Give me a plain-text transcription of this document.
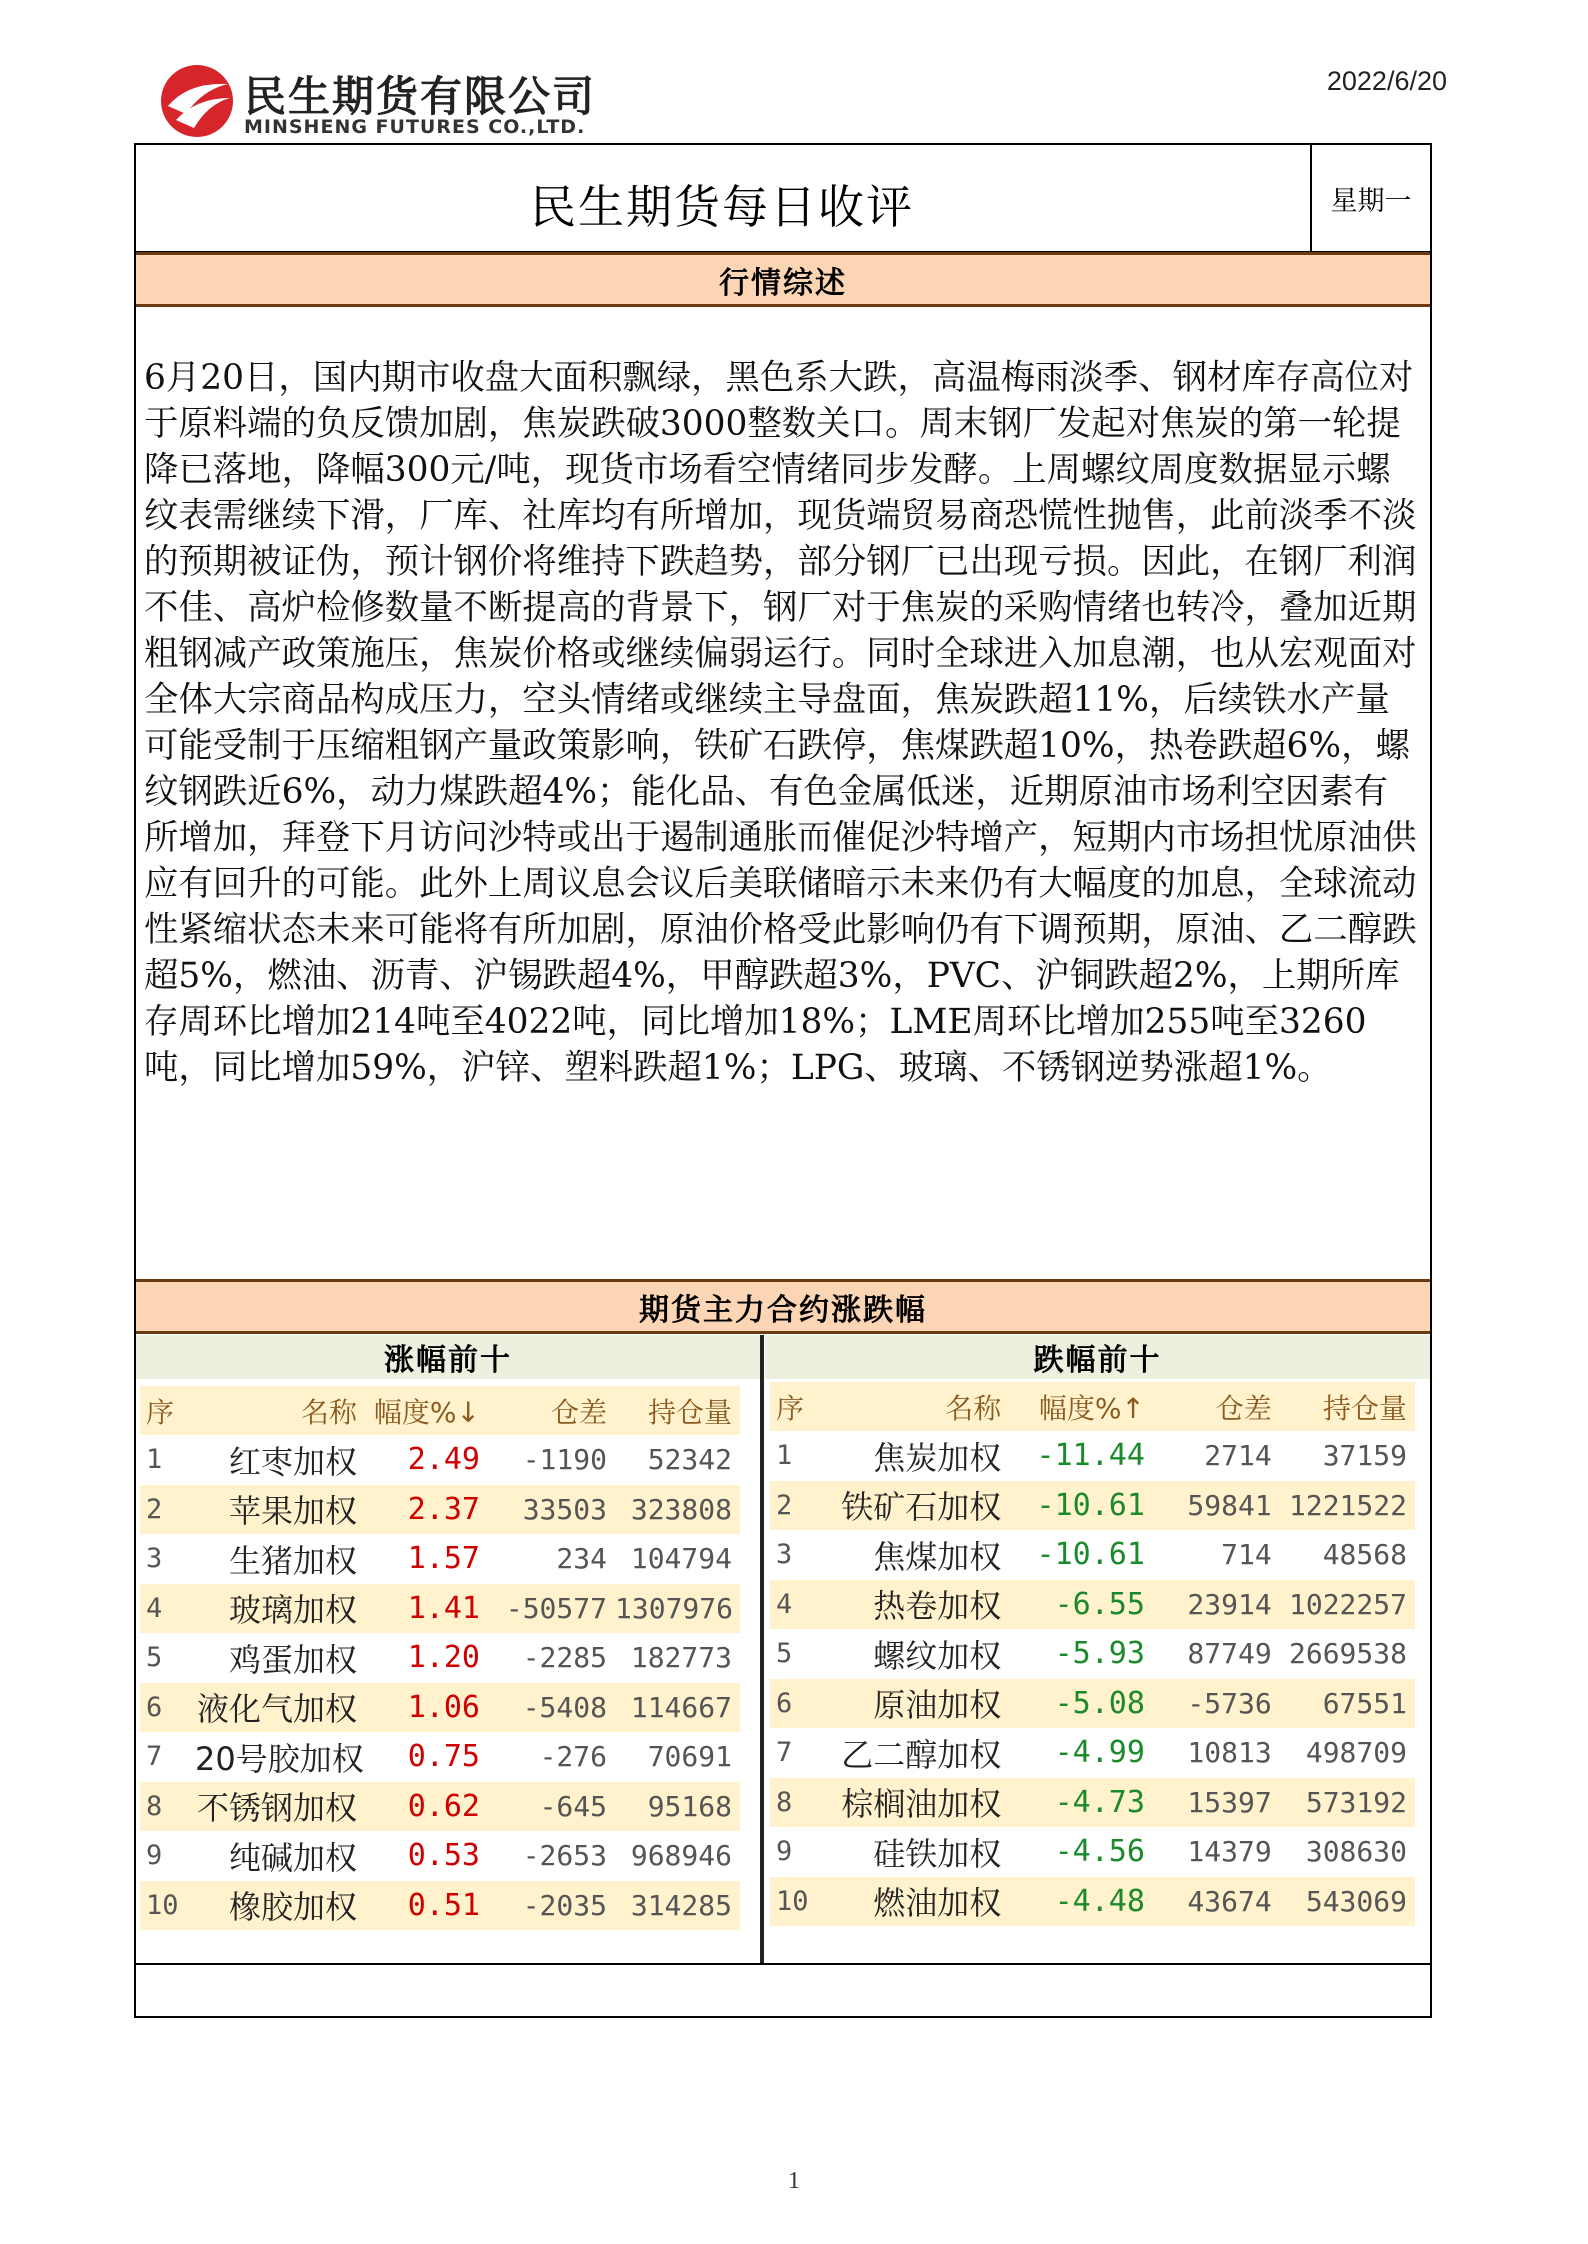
民生期货有限公司
MINSHENG FUTURES CO.,LTD.
2022/6/20
民生期货每日收评	星期一
行情综述
6月20日，国内期市收盘大面积飘绿，黑色系大跌，高温梅雨淡季、钢材库存高位对于原料端的负反馈加剧，焦炭跌破3000整数关口。周末钢厂发起对焦炭的第一轮提降已落地，降幅300元/吨，现货市场看空情绪同步发酵。上周螺纹周度数据显示螺纹表需继续下滑，厂库、社库均有所增加，现货端贸易商恐慌性抛售，此前淡季不淡的预期被证伪，预计钢价将维持下跌趋势，部分钢厂已出现亏损。因此，在钢厂利润不佳、高炉检修数量不断提高的背景下，钢厂对于焦炭的采购情绪也转冷，叠加近期粗钢减产政策施压，焦炭价格或继续偏弱运行。同时全球进入加息潮，也从宏观面对全体大宗商品构成压力，空头情绪或继续主导盘面，焦炭跌超11%，后续铁水产量可能受制于压缩粗钢产量政策影响，铁矿石跌停，焦煤跌超10%，热卷跌超6%，螺纹钢跌近6%，动力煤跌超4%；能化品、有色金属低迷，近期原油市场利空因素有所增加，拜登下月访问沙特或出于遏制通胀而催促沙特增产，短期内市场担忧原油供应有回升的可能。此外上周议息会议后美联储暗示未来仍有大幅度的加息，全球流动性紧缩状态未来可能将有所加剧，原油价格受此影响仍有下调预期，原油、乙二醇跌超5%，燃油、沥青、沪锡跌超4%，甲醇跌超3%，PVC、沪铜跌超2%，上期所库存周环比增加214吨至4022吨，同比增加18%；LME周环比增加255吨至3260吨，同比增加59%，沪锌、塑料跌超1%；LPG、玻璃、不锈钢逆势涨超1%。
期货主力合约涨跌幅
涨幅前十	跌幅前十
序	名称	幅度%↓	仓差	持仓量
1	红枣加权	2.49	-1190	52342
2	苹果加权	2.37	33503	323808
3	生猪加权	1.57	234	104794
4	玻璃加权	1.41	-50577	1307976
5	鸡蛋加权	1.20	-2285	182773
6	液化气加权	1.06	-5408	114667
7	20号胶加权	0.75	-276	70691
8	不锈钢加权	0.62	-645	95168
9	纯碱加权	0.53	-2653	968946
10	橡胶加权	0.51	-2035	314285
序	名称	幅度%↑	仓差	持仓量
1	焦炭加权	-11.44	2714	37159
2	铁矿石加权	-10.61	59841	1221522
3	焦煤加权	-10.61	714	48568
4	热卷加权	-6.55	23914	1022257
5	螺纹加权	-5.93	87749	2669538
6	原油加权	-5.08	-5736	67551
7	乙二醇加权	-4.99	10813	498709
8	棕榈油加权	-4.73	15397	573192
9	硅铁加权	-4.56	14379	308630
10	燃油加权	-4.48	43674	543069
1
